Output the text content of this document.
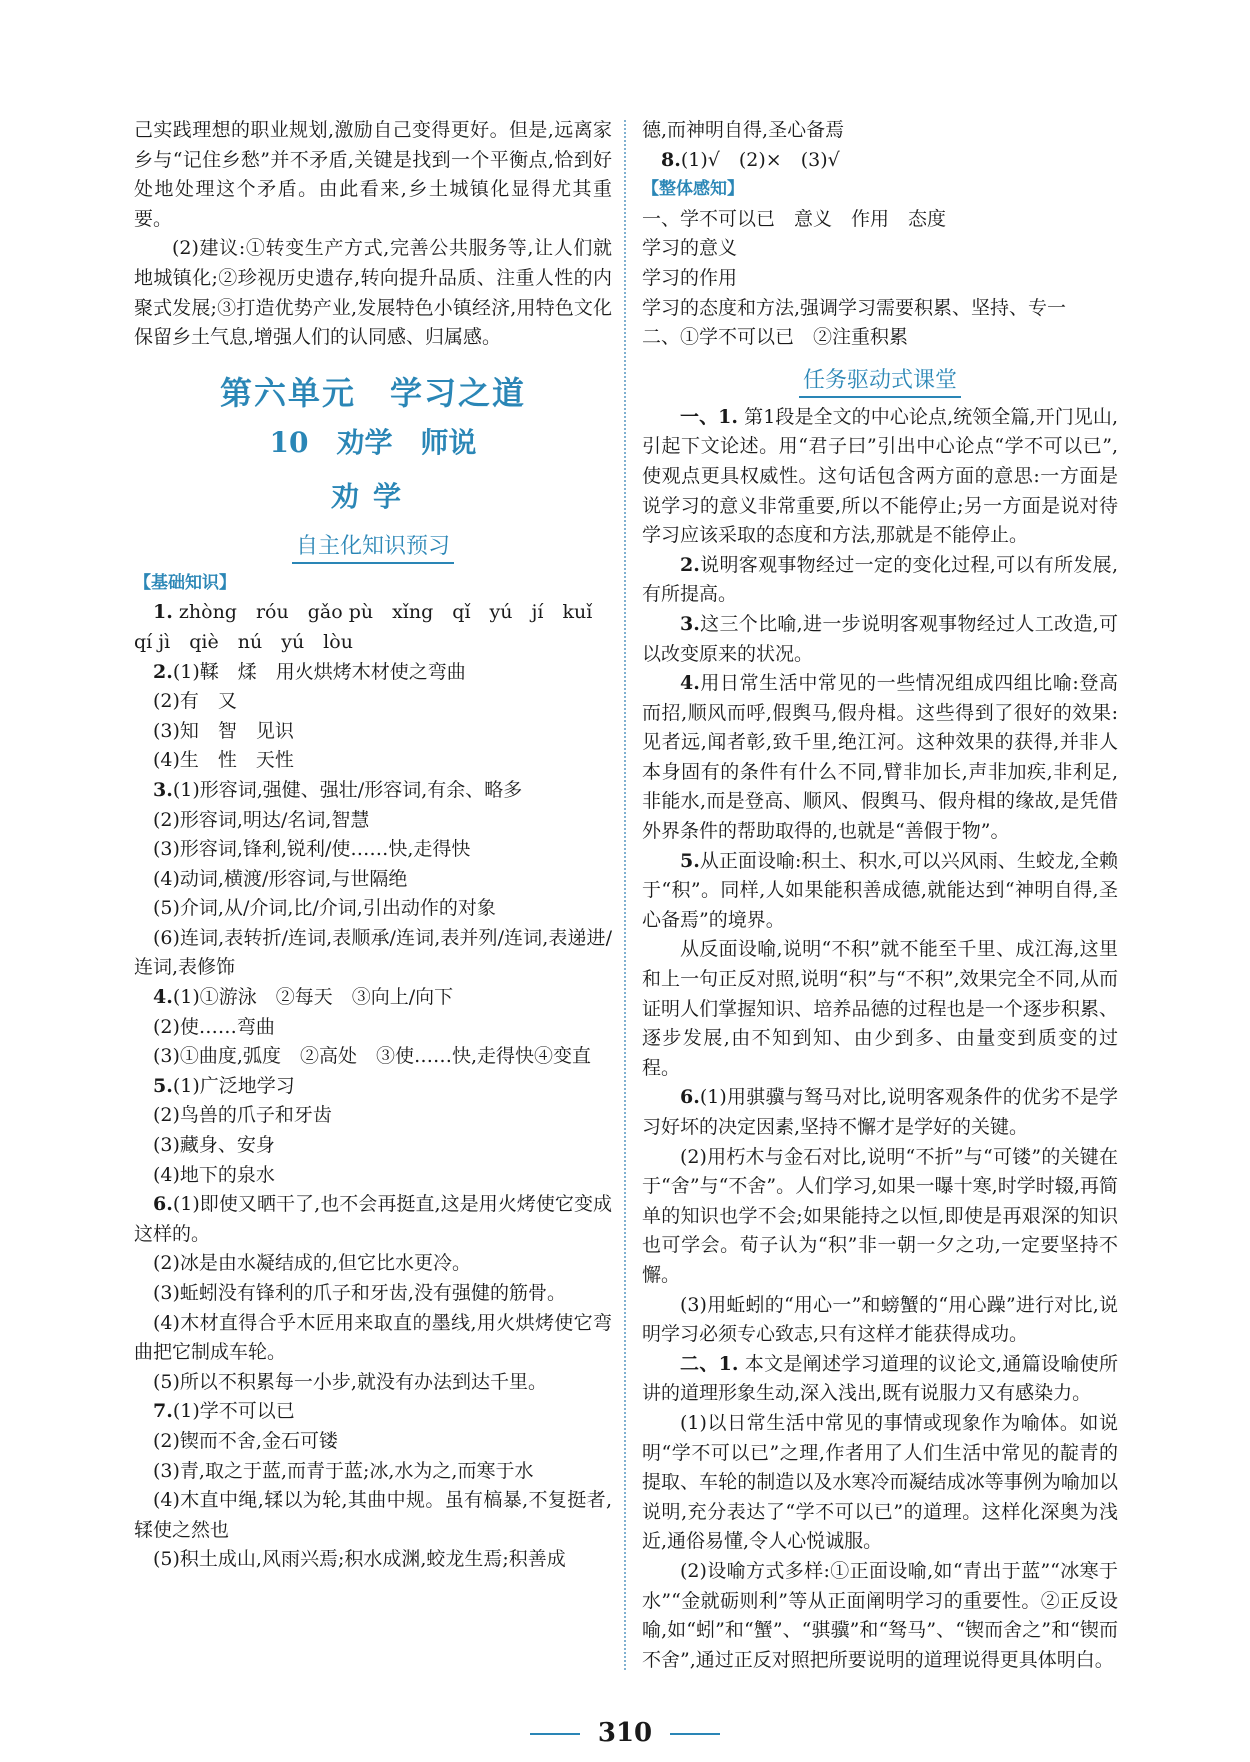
己实践理想的职业规划,激励自己变得更好。但是,远离家乡与“记住乡愁”并不矛盾,关键是找到一个平衡点,恰到好处地处理这个矛盾。由此看来,乡土城镇化显得尤其重要。

(2)建议:①转变生产方式,完善公共服务等,让人们就地城镇化;②珍视历史遗存,转向提升品质、注重人性的内聚式发展;③打造优势产业,发展特色小镇经济,用特色文化保留乡土气息,增强人们的认同感、归属感。

第六单元　学习之道
10　劝学　师说
劝学
自主化知识预习
【基础知识】

1. zhòng　róu　gǎo pù　xǐng　qǐ　yú　jí　kuǐ

qí jì　qiè　nú　yú　lòu

2.(1)鞣　煣　用火烘烤木材使之弯曲

(2)有　又

(3)知　智　见识

(4)生　性　天性

3.(1)形容词,强健、强壮/形容词,有余、略多

(2)形容词,明达/名词,智慧

(3)形容词,锋利,锐利/使……快,走得快

(4)动词,横渡/形容词,与世隔绝

(5)介词,从/介词,比/介词,引出动作的对象

(6)连词,表转折/连词,表顺承/连词,表并列/连词,表递进/连词,表修饰

4.(1)①游泳　②每天　③向上/向下

(2)使……弯曲

(3)①曲度,弧度　②高处　③使……快,走得快④变直

5.(1)广泛地学习

(2)鸟兽的爪子和牙齿

(3)藏身、安身

(4)地下的泉水

6.(1)即使又晒干了,也不会再挺直,这是用火烤使它变成这样的。

(2)冰是由水凝结成的,但它比水更冷。

(3)蚯蚓没有锋利的爪子和牙齿,没有强健的筋骨。

(4)木材直得合乎木匠用来取直的墨线,用火烘烤使它弯曲把它制成车轮。

(5)所以不积累每一小步,就没有办法到达千里。

7.(1)学不可以已

(2)锲而不舍,金石可镂

(3)青,取之于蓝,而青于蓝;冰,水为之,而寒于水

(4)木直中绳,𫐓以为轮,其曲中规。虽有槁暴,不复挺者,𫐓使之然也

(5)积土成山,风雨兴焉;积水成渊,蛟龙生焉;积善成

德,而神明自得,圣心备焉

8.(1)√　(2)×　(3)√

【整体感知】

一、学不可以已　意义　作用　态度

学习的意义

学习的作用

学习的态度和方法,强调学习需要积累、坚持、专一

二、①学不可以已　②注重积累

任务驱动式课堂

一、1. 第1段是全文的中心论点,统领全篇,开门见山,引起下文论述。用“君子曰”引出中心论点“学不可以已”,使观点更具权威性。这句话包含两方面的意思:一方面是说学习的意义非常重要,所以不能停止;另一方面是说对待学习应该采取的态度和方法,那就是不能停止。

2.说明客观事物经过一定的变化过程,可以有所发展,有所提高。

3.这三个比喻,进一步说明客观事物经过人工改造,可以改变原来的状况。

4.用日常生活中常见的一些情况组成四组比喻:登高而招,顺风而呼,假舆马,假舟楫。这些得到了很好的效果:见者远,闻者彰,致千里,绝江河。这种效果的获得,并非人本身固有的条件有什么不同,臂非加长,声非加疾,非利足,非能水,而是登高、顺风、假舆马、假舟楫的缘故,是凭借外界条件的帮助取得的,也就是“善假于物”。

5.从正面设喻:积土、积水,可以兴风雨、生蛟龙,全赖于“积”。同样,人如果能积善成德,就能达到“神明自得,圣心备焉”的境界。

从反面设喻,说明“不积”就不能至千里、成江海,这里和上一句正反对照,说明“积”与“不积”,效果完全不同,从而证明人们掌握知识、培养品德的过程也是一个逐步积累、逐步发展,由不知到知、由少到多、由量变到质变的过程。

6.(1)用骐骥与驽马对比,说明客观条件的优劣不是学习好坏的决定因素,坚持不懈才是学好的关键。

(2)用朽木与金石对比,说明“不折”与“可镂”的关键在于“舍”与“不舍”。人们学习,如果一曝十寒,时学时辍,再简单的知识也学不会;如果能持之以恒,即使是再艰深的知识也可学会。荀子认为“积”非一朝一夕之功,一定要坚持不懈。

(3)用蚯蚓的“用心一”和螃蟹的“用心躁”进行对比,说明学习必须专心致志,只有这样才能获得成功。

二、1. 本文是阐述学习道理的议论文,通篇设喻使所讲的道理形象生动,深入浅出,既有说服力又有感染力。

(1)以日常生活中常见的事情或现象作为喻体。如说明“学不可以已”之理,作者用了人们生活中常见的靛青的提取、车轮的制造以及水寒冷而凝结成冰等事例为喻加以说明,充分表达了“学不可以已”的道理。这样化深奥为浅近,通俗易懂,令人心悦诚服。

(2)设喻方式多样:①正面设喻,如“青出于蓝”“冰寒于水”“金就砺则利”等从正面阐明学习的重要性。②正反设喻,如“蚓”和“蟹”、“骐骥”和“驽马”、“锲而舍之”和“锲而不舍”,通过正反对照把所要说明的道理说得更具体明白。

310
